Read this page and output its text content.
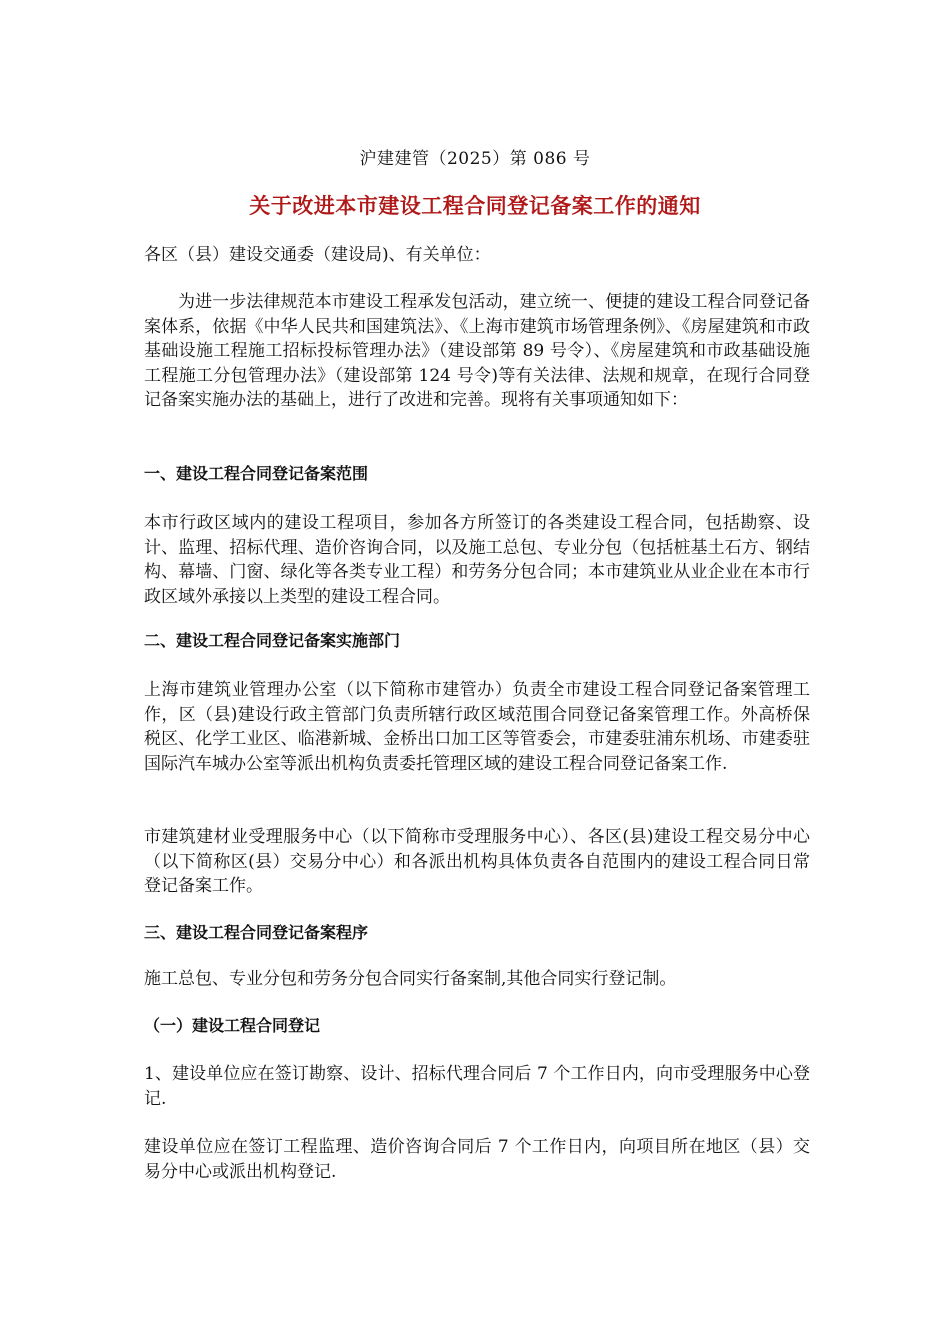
沪建建管（2025）第 086 号
关于改进本市建设工程合同登记备案工作的通知

各区（县）建设交通委（建设局)、有关单位：

为进一步法律规范本市建设工程承发包活动，建立统一、便捷的建设工程合同登记备案体系，依据《中华人民共和国建筑法》、《上海市建筑市场管理条例》、《房屋建筑和市政基础设施工程施工招标投标管理办法》（建设部第 89 号令）、《房屋建筑和市政基础设施工程施工分包管理办法》（建设部第 124 号令)等有关法律、法规和规章，在现行合同登记备案实施办法的基础上，进行了改进和完善。现将有关事项通知如下：

一、建设工程合同登记备案范围

本市行政区域内的建设工程项目，参加各方所签订的各类建设工程合同，包括勘察、设计、监理、招标代理、造价咨询合同，以及施工总包、专业分包（包括桩基土石方、钢结构、幕墙、门窗、绿化等各类专业工程）和劳务分包合同；本市建筑业从业企业在本市行政区域外承接以上类型的建设工程合同。

二、建设工程合同登记备案实施部门

上海市建筑业管理办公室（以下简称市建管办）负责全市建设工程合同登记备案管理工作，区（县)建设行政主管部门负责所辖行政区域范围合同登记备案管理工作。外高桥保税区、化学工业区、临港新城、金桥出口加工区等管委会，市建委驻浦东机场、市建委驻国际汽车城办公室等派出机构负责委托管理区域的建设工程合同登记备案工作.

市建筑建材业受理服务中心（以下简称市受理服务中心）、各区(县)建设工程交易分中心（以下简称区(县）交易分中心）和各派出机构具体负责各自范围内的建设工程合同日常登记备案工作。

三、建设工程合同登记备案程序

施工总包、专业分包和劳务分包合同实行备案制,其他合同实行登记制。

（一）建设工程合同登记

1、建设单位应在签订勘察、设计、招标代理合同后 7 个工作日内，向市受理服务中心登记.

建设单位应在签订工程监理、造价咨询合同后 7 个工作日内，向项目所在地区（县）交易分中心或派出机构登记.
